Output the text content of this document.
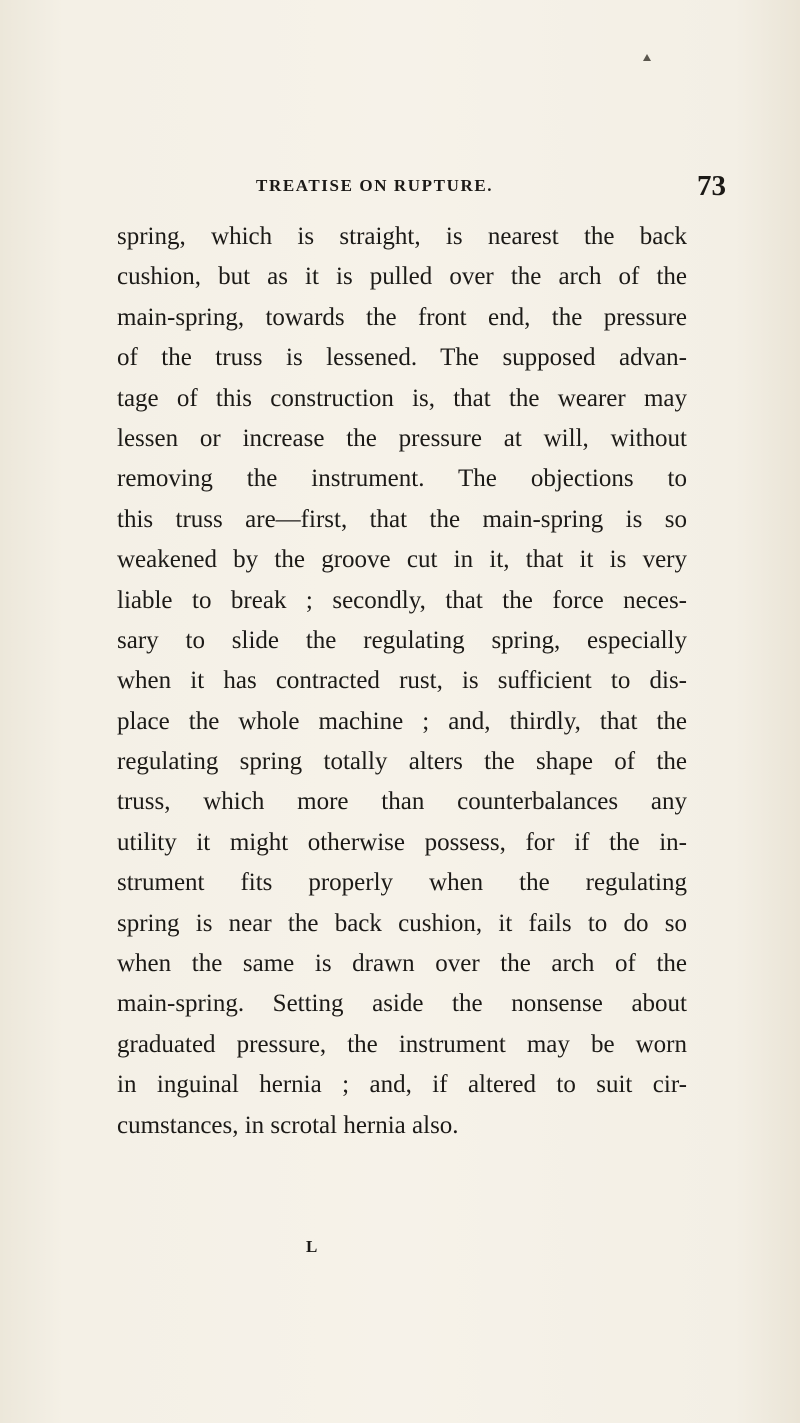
TREATISE ON RUPTURE.	73
spring, which is straight, is nearest the back
cushion, but as it is pulled over the arch of the
main-spring, towards the front end, the pressure
of the truss is lessened. The supposed advan-
tage of this construction is, that the wearer may
lessen or increase the pressure at will, without
removing the instrument. The objections to
this truss are—first, that the main-spring is so
weakened by the groove cut in it, that it is very
liable to break ; secondly, that the force neces-
sary to slide the regulating spring, especially
when it has contracted rust, is sufficient to dis-
place the whole machine ; and, thirdly, that the
regulating spring totally alters the shape of the
truss, which more than counterbalances any
utility it might otherwise possess, for if the in-
strument fits properly when the regulating
spring is near the back cushion, it fails to do so
when the same is drawn over the arch of the
main-spring. Setting aside the nonsense about
graduated pressure, the instrument may be worn
in inguinal hernia ; and, if altered to suit cir-
cumstances, in scrotal hernia also.
L
